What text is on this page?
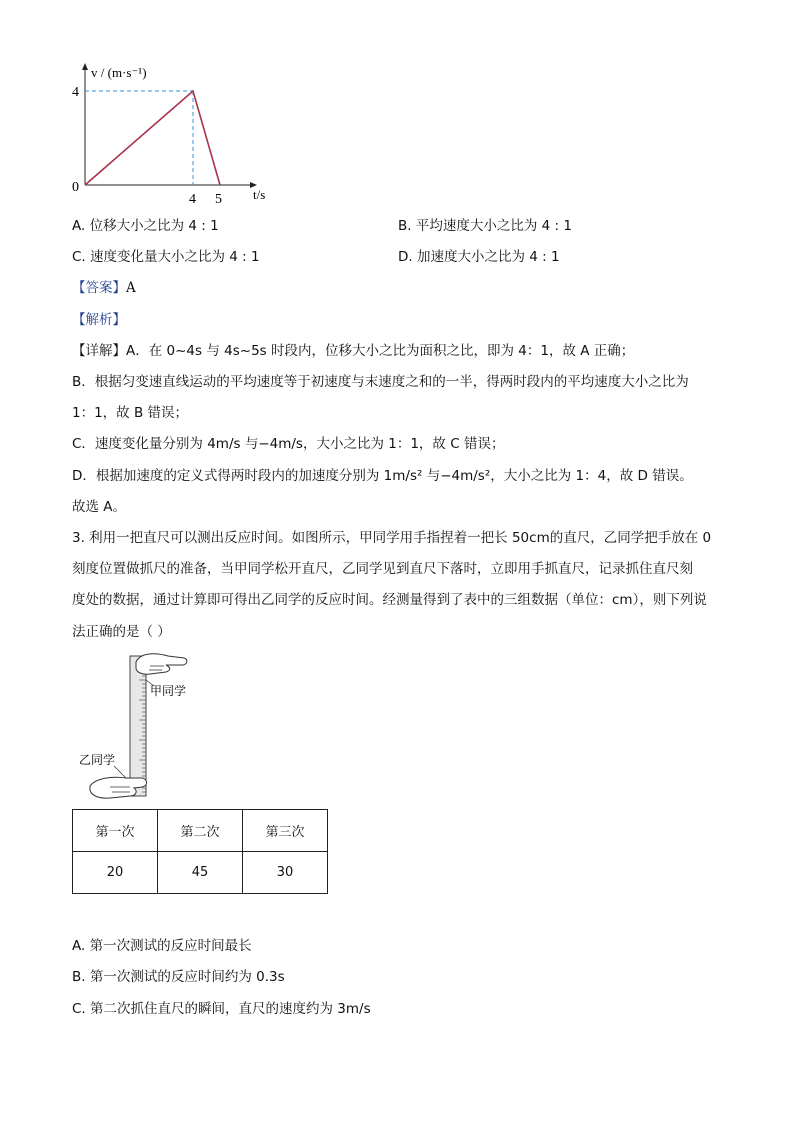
0
4 5
4
v / (m·s⁻¹)
t/s
A. 位移大小之比为 4 : 1	B. 平均速度大小之比为 4 : 1
C. 速度变化量大小之比为 4 : 1	D. 加速度大小之比为 4 : 1
【答案】A
【解析】
【详解】A．在 0~4s 与 4s~5s 时段内，位移大小之比为面积之比，即为 4：1，故 A 正确；
B．根据匀变速直线运动的平均速度等于初速度与末速度之和的一半，得两时段内的平均速度大小之比为
1：1，故 B 错误；
C．速度变化量分别为 4m/s 与−4m/s，大小之比为 1：1，故 C 错误；
D．根据加速度的定义式得两时段内的加速度分别为 1m/s² 与−4m/s²，大小之比为 1：4，故 D 错误。
故选 A。
3. 利用一把直尺可以测出反应时间。如图所示，甲同学用手指捏着一把长 50cm的直尺，乙同学把手放在 0
刻度位置做抓尺的准备，当甲同学松开直尺，乙同学见到直尺下落时，立即用手抓直尺，记录抓住直尺刻
度处的数据，通过计算即可得出乙同学的反应时间。经测量得到了表中的三组数据（单位：cm），则下列说
法正确的是（ ）
甲同学
乙同学
第一次	第二次	第三次
20	45	30
A. 第一次测试的反应时间最长
B. 第一次测试的反应时间约为 0.3s
C. 第二次抓住直尺的瞬间，直尺的速度约为 3m/s
